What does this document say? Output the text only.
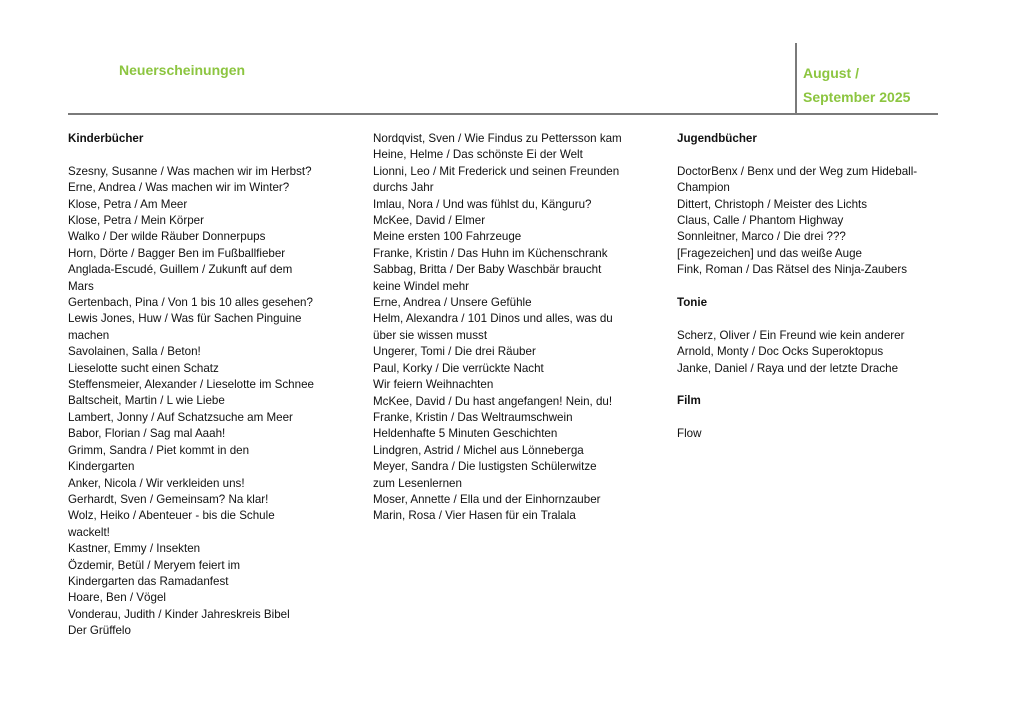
Neuerscheinungen	August /
September 2025
Kinderbücher
Szesny, Susanne / Was machen wir im Herbst?
Erne, Andrea / Was machen wir im Winter?
Klose, Petra / Am Meer
Klose, Petra / Mein Körper
Walko / Der wilde Räuber Donnerpups
Horn, Dörte / Bagger Ben im Fußballfieber
Anglada-Escudé, Guillem / Zukunft auf dem
Mars
Gertenbach, Pina / Von 1 bis 10 alles gesehen?
Lewis Jones, Huw / Was für Sachen Pinguine
machen
Savolainen, Salla / Beton!
Lieselotte sucht einen Schatz
Steffensmeier, Alexander / Lieselotte im Schnee
Baltscheit, Martin / L wie Liebe
Lambert, Jonny / Auf Schatzsuche am Meer
Babor, Florian / Sag mal Aaah!
Grimm, Sandra / Piet kommt in den
Kindergarten
Anker, Nicola / Wir verkleiden uns!
Gerhardt, Sven / Gemeinsam? Na klar!
Wolz, Heiko / Abenteuer - bis die Schule
wackelt!
Kastner, Emmy / Insekten
Özdemir, Betül / Meryem feiert im
Kindergarten das Ramadanfest
Hoare, Ben / Vögel
Vonderau, Judith / Kinder Jahreskreis Bibel
Der Grüffelo
Nordqvist, Sven / Wie Findus zu Pettersson kam
Heine, Helme / Das schönste Ei der Welt
Lionni, Leo / Mit Frederick und seinen Freunden
durchs Jahr
Imlau, Nora / Und was fühlst du, Känguru?
McKee, David / Elmer
Meine ersten 100 Fahrzeuge
Franke, Kristin / Das Huhn im Küchenschrank
Sabbag, Britta / Der Baby Waschbär braucht
keine Windel mehr
Erne, Andrea / Unsere Gefühle
Helm, Alexandra / 101 Dinos und alles, was du
über sie wissen musst
Ungerer, Tomi / Die drei Räuber
Paul, Korky / Die verrückte Nacht
Wir feiern Weihnachten
McKee, David / Du hast angefangen! Nein, du!
Franke, Kristin / Das Weltraumschwein
Heldenhafte 5 Minuten Geschichten
Lindgren, Astrid / Michel aus Lönneberga
Meyer, Sandra / Die lustigsten Schülerwitze
zum Lesenlernen
Moser, Annette / Ella und der Einhornzauber
Marin, Rosa / Vier Hasen für ein Tralala
Jugendbücher
DoctorBenx / Benx und der Weg zum Hideball-
Champion
Dittert, Christoph / Meister des Lichts
Claus, Calle / Phantom Highway
Sonnleitner, Marco / Die drei ???
[Fragezeichen] und das weiße Auge
Fink, Roman / Das Rätsel des Ninja-Zaubers
Tonie
Scherz, Oliver / Ein Freund wie kein anderer
Arnold, Monty / Doc Ocks Superoktopus
Janke, Daniel / Raya und der letzte Drache
Film
Flow
